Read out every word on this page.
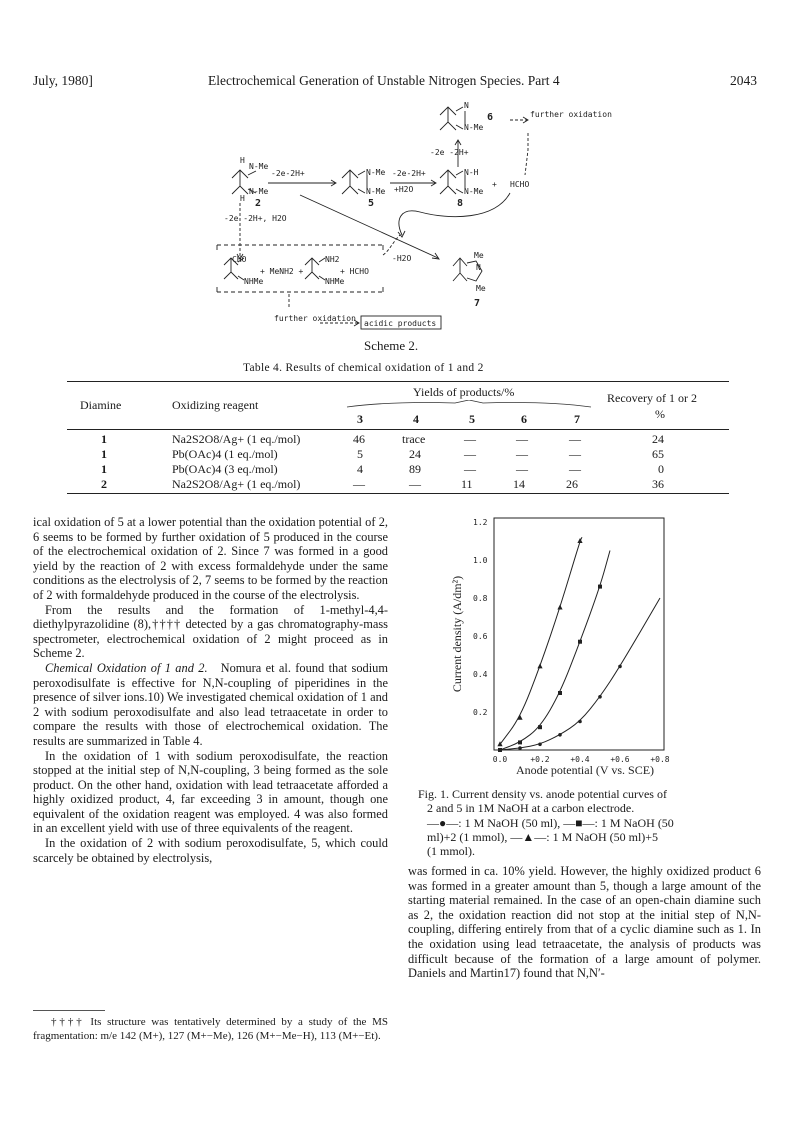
July, 1980]	Electrochemical Generation of Unstable Nitrogen Species. Part 4	2043
H
N-Me
N-Me
H
-2e-2H+
2
N-Me
N-Me
5
-2e-2H+
+H2O
N-H
N-Me
8
+ HCHO
-2e -2H+
N
N-Me
6	further oxidation
-2e -2H+, H2O
CHO
NHMe
+ MeNH2 +
NH2
NHMe
+ HCHO
-H2O	Me
N
Me
7
further oxidation
acidic products
Scheme 2.
Table 4. Results of chemical oxidation of 1 and 2
Diamine	Oxidizing reagent
Yields of products/%	Recovery of 1 or 2
%
3	4	5	6	7
1	Na2S2O8/Ag+ (1 eq./mol)	46	trace	—	—	—	24
1	Pb(OAc)4 (1 eq./mol)	5	24	—	—	—	65
1	Pb(OAc)4 (3 eq./mol)	4	89	—	—	—	0
2	Na2S2O8/Ag+ (1 eq./mol)	—	—	11	14	26	36

ical oxidation of 5 at a lower potential than the oxidation potential of 2, 6 seems to be formed by further oxidation of 5 produced in the course of the electrochemical oxidation of 2. Since 7 was formed in a good yield by the reaction of 2 with excess formaldehyde under the same conditions as the electrolysis of 2, 7 seems to be formed by the reaction of 2 with formaldehyde produced in the course of the electrolysis.

From the results and the formation of 1-methyl-4,4-diethylpyrazolidine (8),†††† detected by a gas chromatography-mass spectrometer, electrochemical oxidation of 2 might proceed as in Scheme 2.

Chemical Oxidation of 1 and 2. Nomura et al. found that sodium peroxodisulfate is effective for N,N-coupling of piperidines in the presence of silver ions.10) We investigated chemical oxidation of 1 and 2 with sodium peroxodisulfate and also lead tetraacetate in order to compare the results with those of electrochemical oxidation. The results are summarized in Table 4.

In the oxidation of 1 with sodium peroxodisulfate, the reaction stopped at the initial step of N,N-coupling, 3 being formed as the sole product. On the other hand, oxidation with lead tetraacetate afforded a highly oxidized product, 4, far exceeding 3 in amount, though one equivalent of the oxidation reagent was employed. 4 was also formed in an excellent yield with use of three equivalents of the reagent.

In the oxidation of 2 with sodium peroxodisulfate, 5, which could scarcely be obtained by electrolysis,

†††† Its structure was tentatively determined by a study of the MS fragmentation: m/e 142 (M+), 127 (M+−Me), 126 (M+−Me−H), 113 (M+−Et).
0.0	+0.2	+0.4	+0.6	+0.8
0.2
0.4
0.6
0.8
1.0
1.2
Anode potential (V vs. SCE)
Current density (A/dm²)
Fig. 1. Current density vs. anode potential curves of
2 and 5 in 1M NaOH at a carbon electrode.
—●—: 1 M NaOH (50 ml), —■—: 1 M NaOH (50
ml)+2 (1 mmol), —▲—: 1 M NaOH (50 ml)+5
(1 mmol).

was formed in ca. 10% yield. However, the highly oxidized product 6 was formed in a greater amount than 5, though a large amount of the starting material remained. In the case of an open-chain diamine such as 2, the oxidation reaction did not stop at the initial step of N,N-coupling, differing entirely from that of a cyclic diamine such as 1. In the oxidation using lead tetraacetate, the analysis of products was difficult because of the formation of a large amount of polymer. Daniels and Martin17) found that N,N′-
